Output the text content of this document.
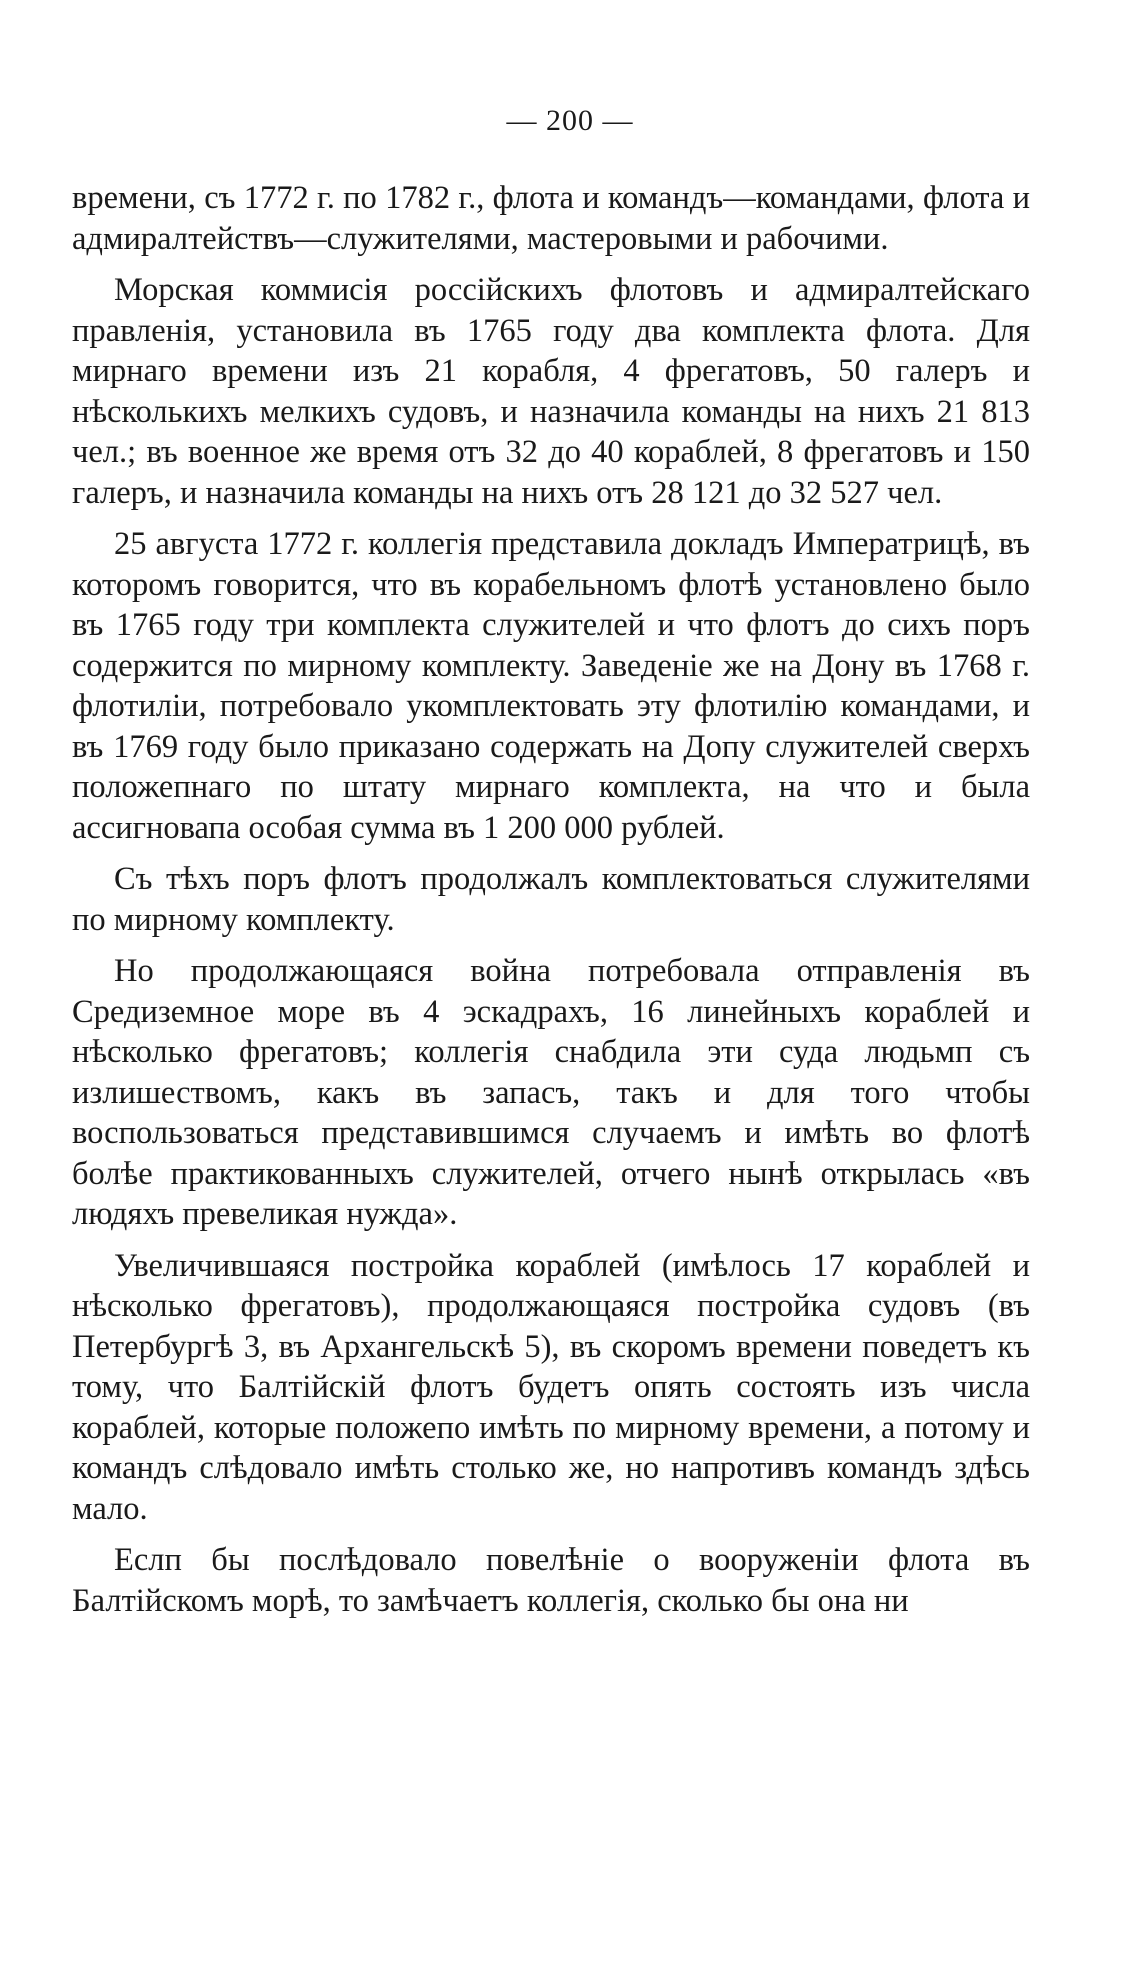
— 200 —

времени, съ 1772 г. по 1782 г., флота и командъ—командами, флота и адмиралтействъ—служителями, мастеровыми и рабочими.

Морская коммисія россійскихъ флотовъ и адмиралтейскаго правленія, установила въ 1765 году два комплекта флота. Для мирнаго времени изъ 21 корабля, 4 фрегатовъ, 50 галеръ и нѣсколькихъ мелкихъ судовъ, и назначила команды на нихъ 21 813 чел.; въ военное же время отъ 32 до 40 кораблей, 8 фрегатовъ и 150 галеръ, и назначила команды на нихъ отъ 28 121 до 32 527 чел.

25 августа 1772 г. коллегія представила докладъ Императрицѣ, въ которомъ говорится, что въ корабельномъ флотѣ установлено было въ 1765 году три комплекта служителей и что флотъ до сихъ поръ содержится по мирному комплекту. Заведеніе же на Дону въ 1768 г. флотиліи, потребовало укомплектовать эту флотилію командами, и въ 1769 году было приказано содержать на Допу служителей сверхъ положепнаго по штату мирнаго комплекта, на что и была ассигновапа особая сумма въ 1 200 000 рублей.

Съ тѣхъ поръ флотъ продолжалъ комплектоваться служителями по мирному комплекту.

Но продолжающаяся война потребовала отправленія въ Средиземное море въ 4 эскадрахъ, 16 линейныхъ кораблей и нѣсколько фрегатовъ; коллегія снабдила эти суда людьмп съ излишествомъ, какъ въ запасъ, такъ и для того чтобы воспользоваться представившимся случаемъ и имѣть во флотѣ болѣе практикованныхъ служителей, отчего нынѣ открылась «въ людяхъ превеликая нужда».

Увеличившаяся постройка кораблей (имѣлось 17 кораблей и нѣсколько фрегатовъ), продолжающаяся постройка судовъ (въ Петербургѣ 3, въ Архангельскѣ 5), въ скоромъ времени поведетъ къ тому, что Балтійскій флотъ будетъ опять состоять изъ числа кораблей, которые положепо имѣть по мирному времени, а потому и командъ слѣдовало имѣть столько же, но напротивъ командъ здѣсь мало.

Еслп бы послѣдовало повелѣніе о вооруженіи флота въ Балтійскомъ морѣ, то замѣчаетъ коллегія, сколько бы она ни
